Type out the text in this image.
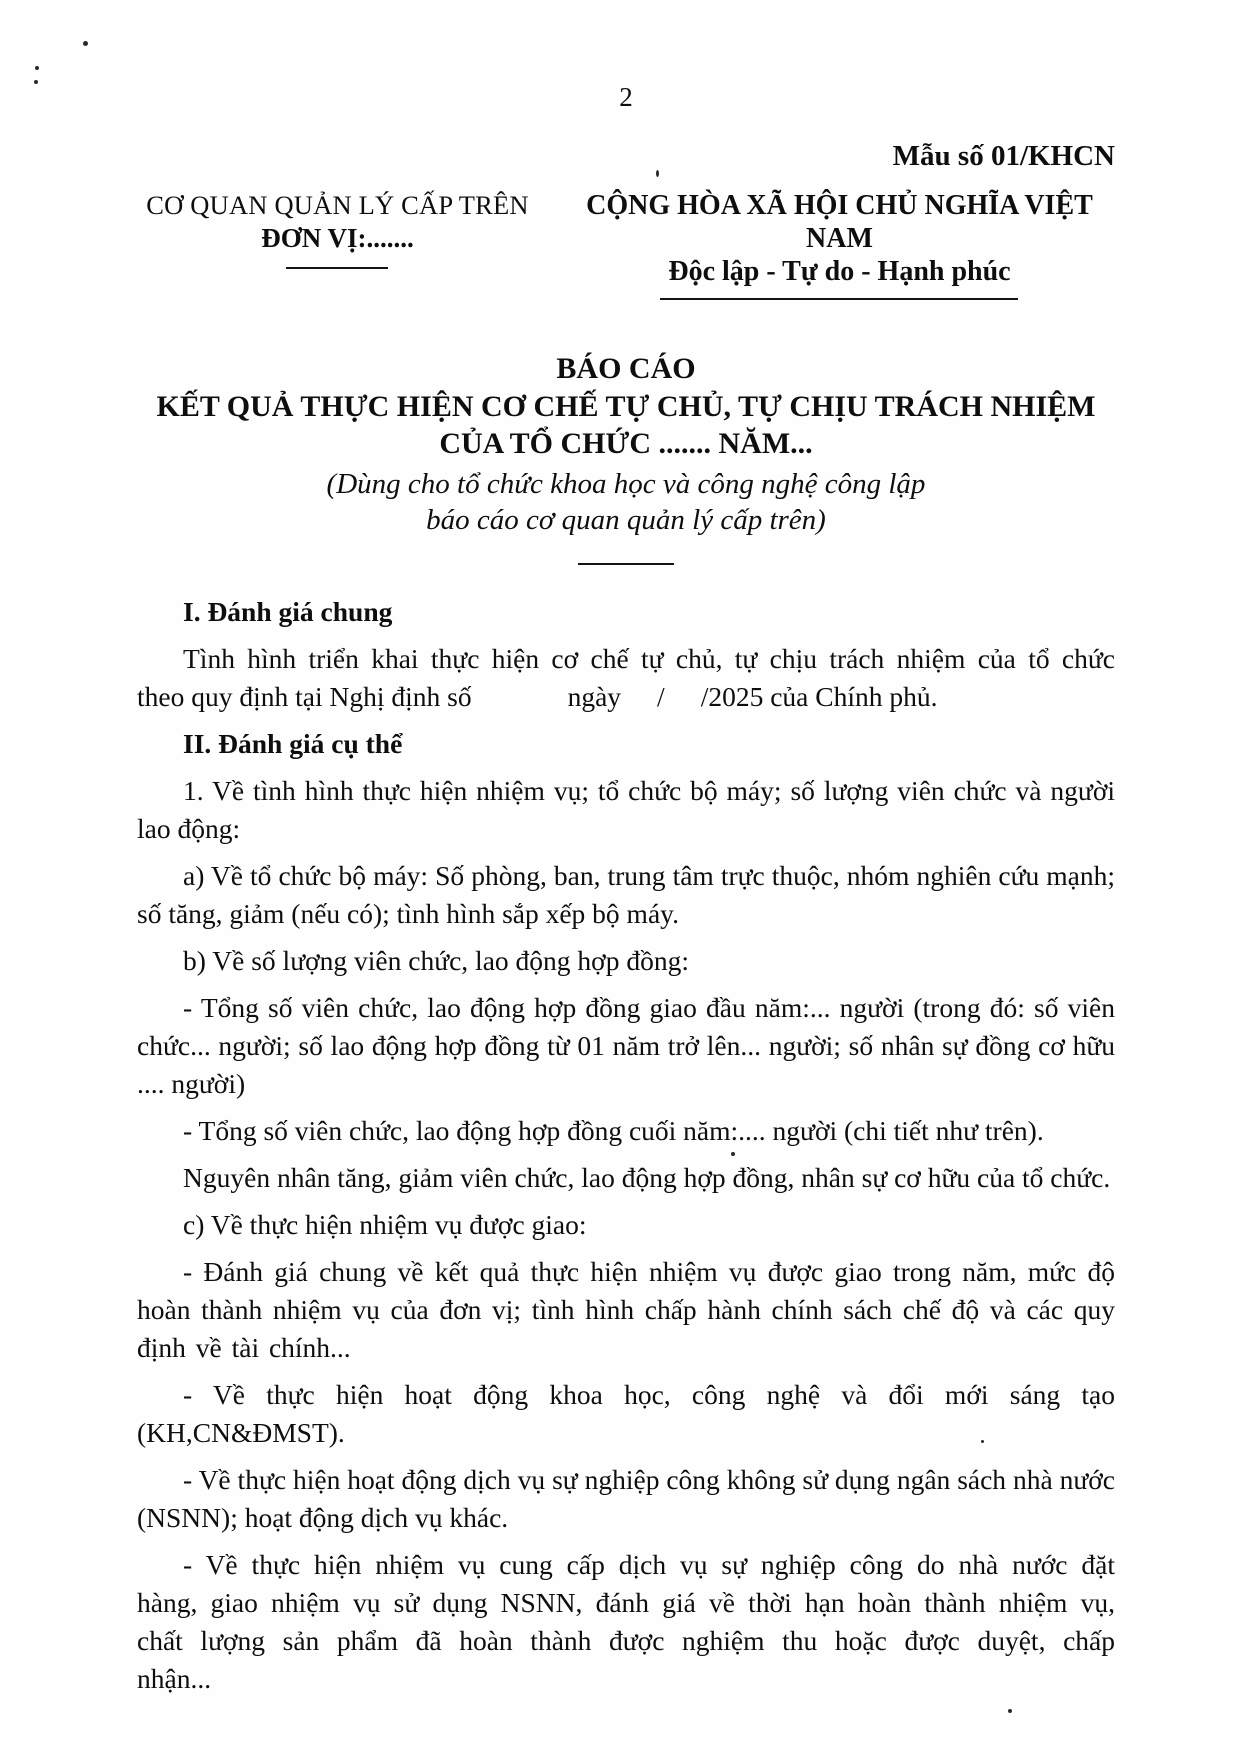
2
Mẫu số 01/KHCN
CƠ QUAN QUẢN LÝ CẤP TRÊN
ĐƠN VỊ:.......
CỘNG HÒA XÃ HỘI CHỦ NGHĨA VIỆT NAM
Độc lập - Tự do - Hạnh phúc
BÁO CÁO
KẾT QUẢ THỰC HIỆN CƠ CHẾ TỰ CHỦ, TỰ CHỊU TRÁCH NHIỆM
CỦA TỔ CHỨC ....... NĂM...
(Dùng cho tổ chức khoa học và công nghệ công lập
báo cáo cơ quan quản lý cấp trên)
I. Đánh giá chung

Tình hình triển khai thực hiện cơ chế tự chủ, tự chịu trách nhiệm của tổ chức
theo quy định tại Nghị định số	ngày / /2025 của Chính phủ.

II. Đánh giá cụ thể

1. Về tình hình thực hiện nhiệm vụ; tổ chức bộ máy; số lượng viên chức và người lao động:

a) Về tổ chức bộ máy: Số phòng, ban, trung tâm trực thuộc, nhóm nghiên cứu mạnh; số tăng, giảm (nếu có); tình hình sắp xếp bộ máy.

b) Về số lượng viên chức, lao động hợp đồng:

- Tổng số viên chức, lao động hợp đồng giao đầu năm:... người (trong đó: số viên chức... người; số lao động hợp đồng từ 01 năm trở lên... người; số nhân sự đồng cơ hữu .... người)

- Tổng số viên chức, lao động hợp đồng cuối năm:.... người (chi tiết như trên).

Nguyên nhân tăng, giảm viên chức, lao động hợp đồng, nhân sự cơ hữu của tổ chức.

c) Về thực hiện nhiệm vụ được giao:

- Đánh giá chung về kết quả thực hiện nhiệm vụ được giao trong năm, mức độ hoàn thành nhiệm vụ của đơn vị; tình hình chấp hành chính sách chế độ và các quy định về tài chính...

- Về thực hiện hoạt động khoa học, công nghệ và đổi mới sáng tạo (KH,CN&ĐMST).

- Về thực hiện hoạt động dịch vụ sự nghiệp công không sử dụng ngân sách nhà nước (NSNN); hoạt động dịch vụ khác.

- Về thực hiện nhiệm vụ cung cấp dịch vụ sự nghiệp công do nhà nước đặt hàng, giao nhiệm vụ sử dụng NSNN, đánh giá về thời hạn hoàn thành nhiệm vụ, chất lượng sản phẩm đã hoàn thành được nghiệm thu hoặc được duyệt, chấp nhận...
